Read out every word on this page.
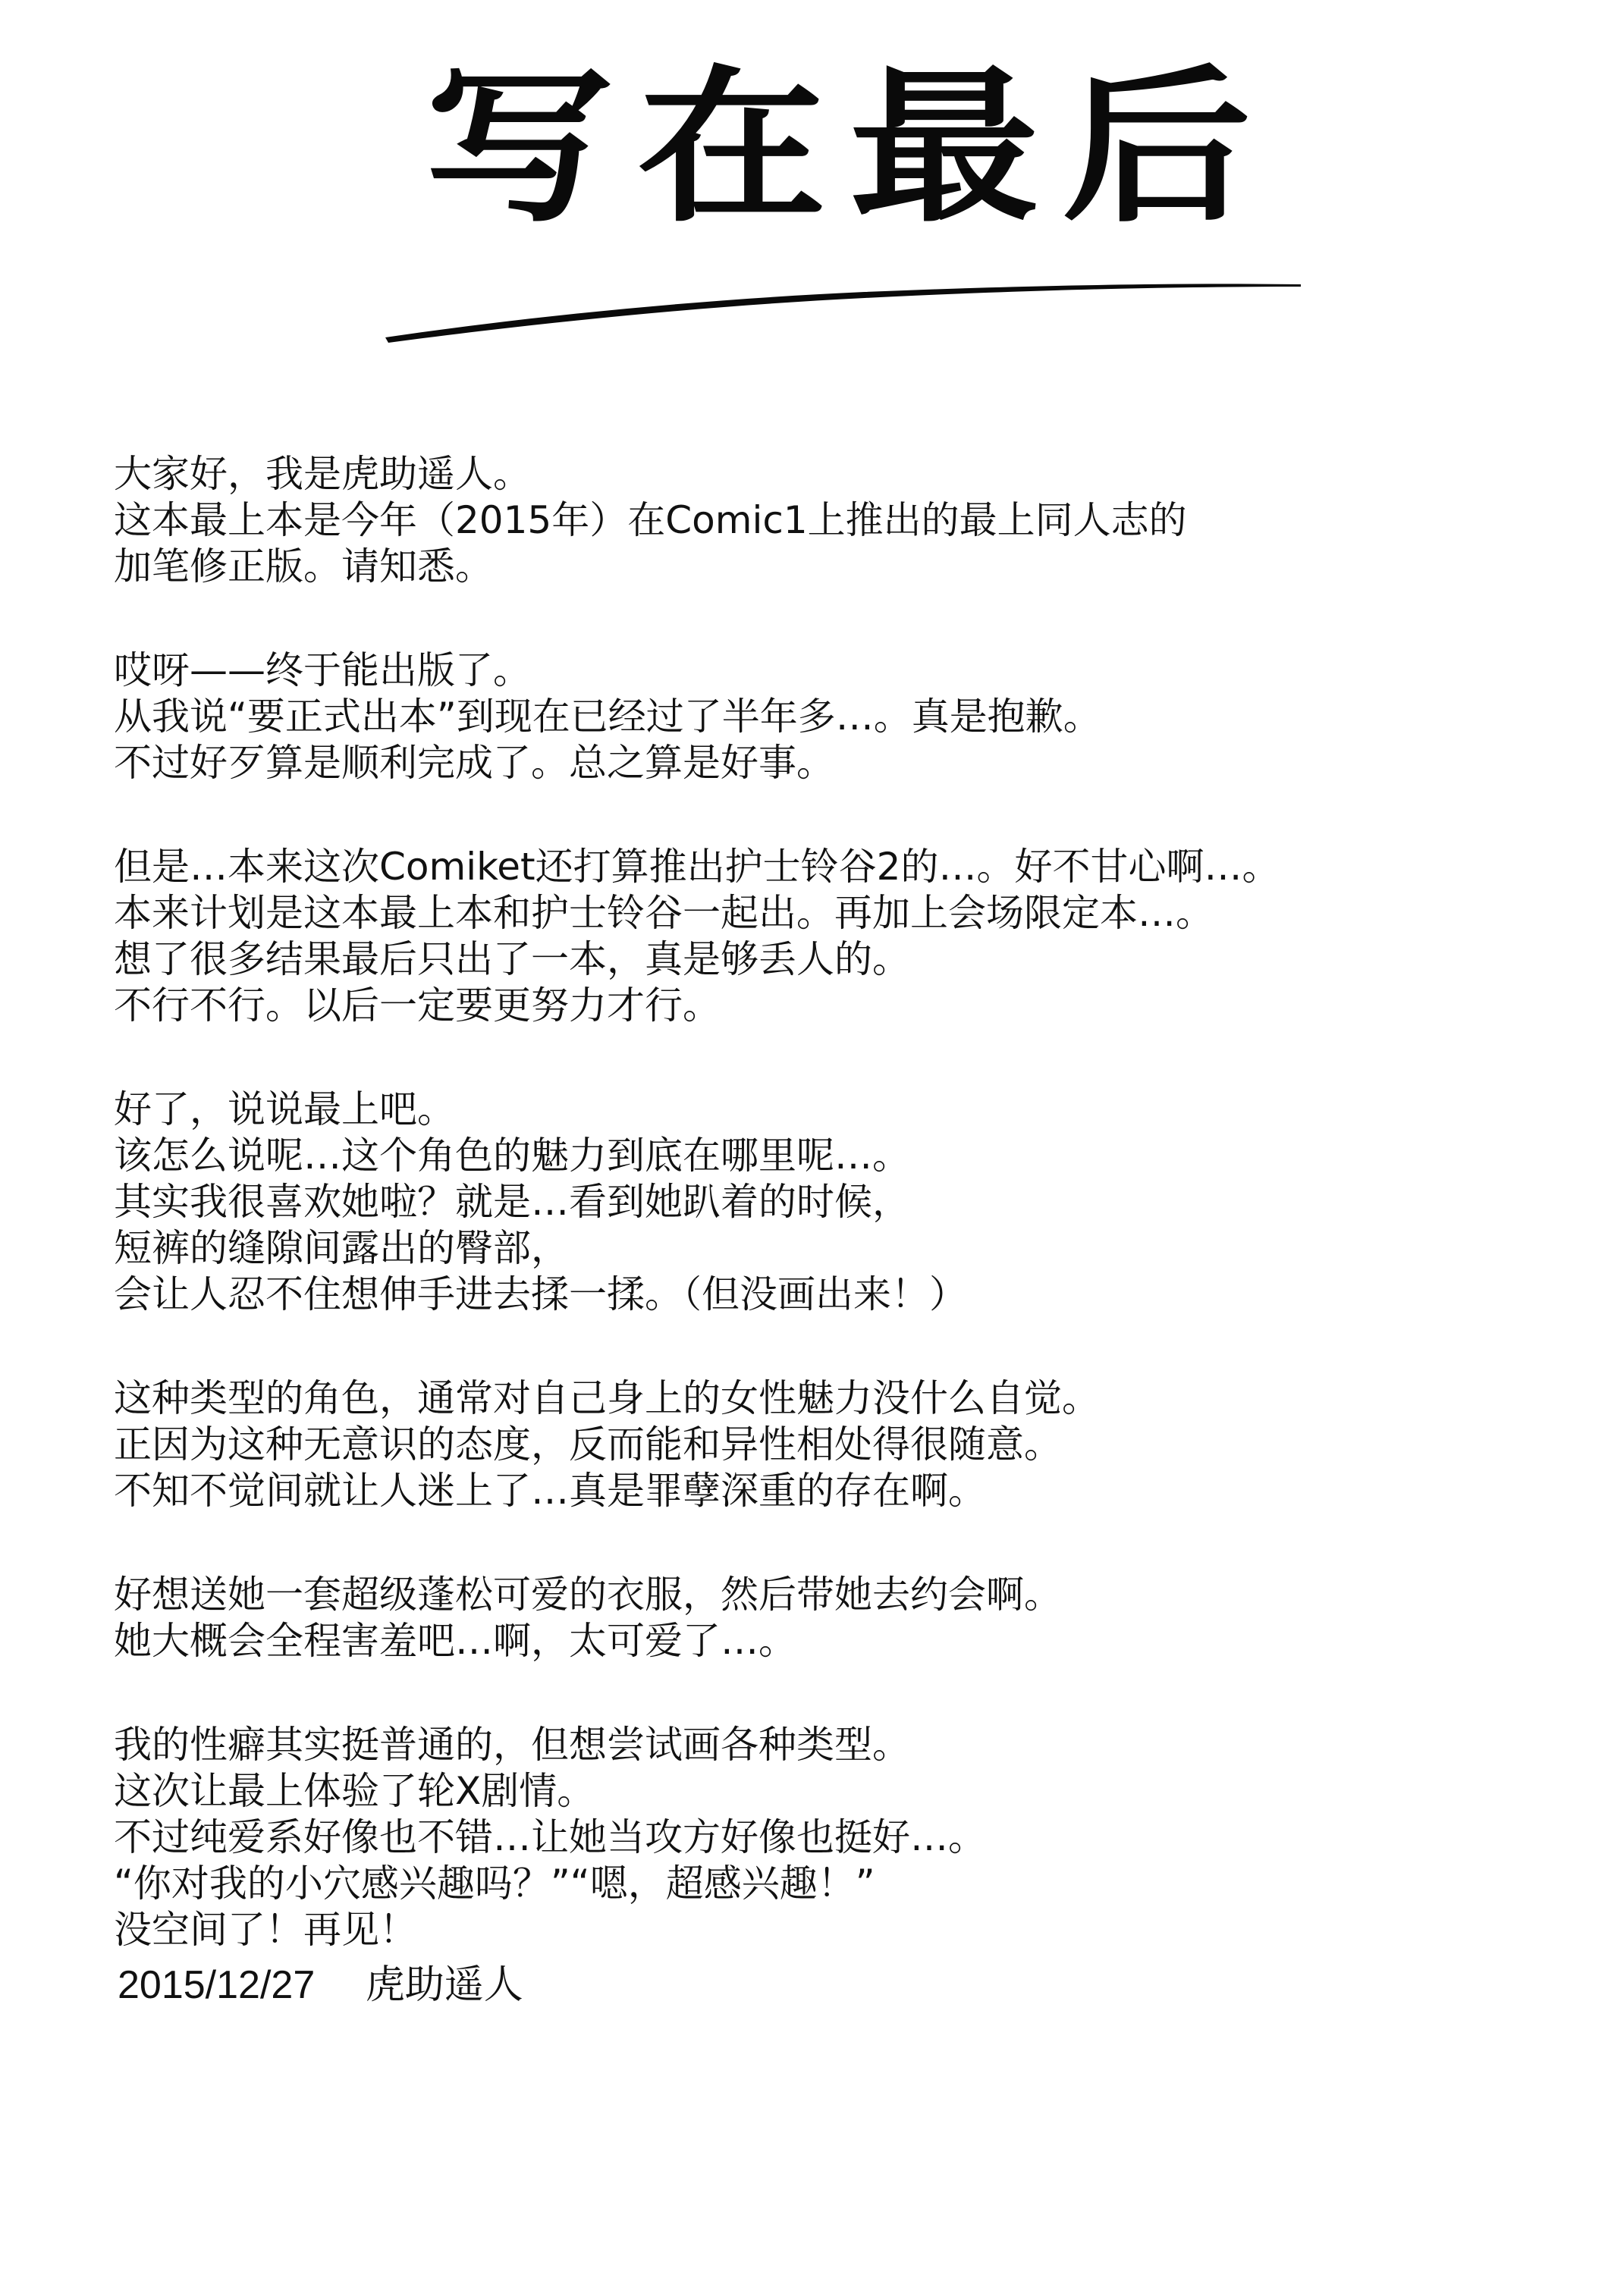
写在最后
大家好，我是虎助遥人。
这本最上本是今年（2015年）在Comic1上推出的最上同人志的
加笔修正版。请知悉。
哎呀——终于能出版了。
从我说“要正式出本”到现在已经过了半年多…。真是抱歉。
不过好歹算是顺利完成了。总之算是好事。
但是…本来这次Comiket还打算推出护士铃谷2的…。好不甘心啊…。
本来计划是这本最上本和护士铃谷一起出。再加上会场限定本…。
想了很多结果最后只出了一本，真是够丢人的。
不行不行。以后一定要更努力才行。
好了，说说最上吧。
该怎么说呢…这个角色的魅力到底在哪里呢…。
其实我很喜欢她啦？就是…看到她趴着的时候，
短裤的缝隙间露出的臀部，
会让人忍不住想伸手进去揉一揉。（但没画出来！）
这种类型的角色，通常对自己身上的女性魅力没什么自觉。
正因为这种无意识的态度，反而能和异性相处得很随意。
不知不觉间就让人迷上了…真是罪孽深重的存在啊。
好想送她一套超级蓬松可爱的衣服，然后带她去约会啊。
她大概会全程害羞吧…啊，太可爱了…。
我的性癖其实挺普通的，但想尝试画各种类型。
这次让最上体验了轮X剧情。
不过纯爱系好像也不错…让她当攻方好像也挺好…。
“你对我的小穴感兴趣吗？”“嗯，超感兴趣！”
没空间了！再见！
2015/12/27 虎助遥人
